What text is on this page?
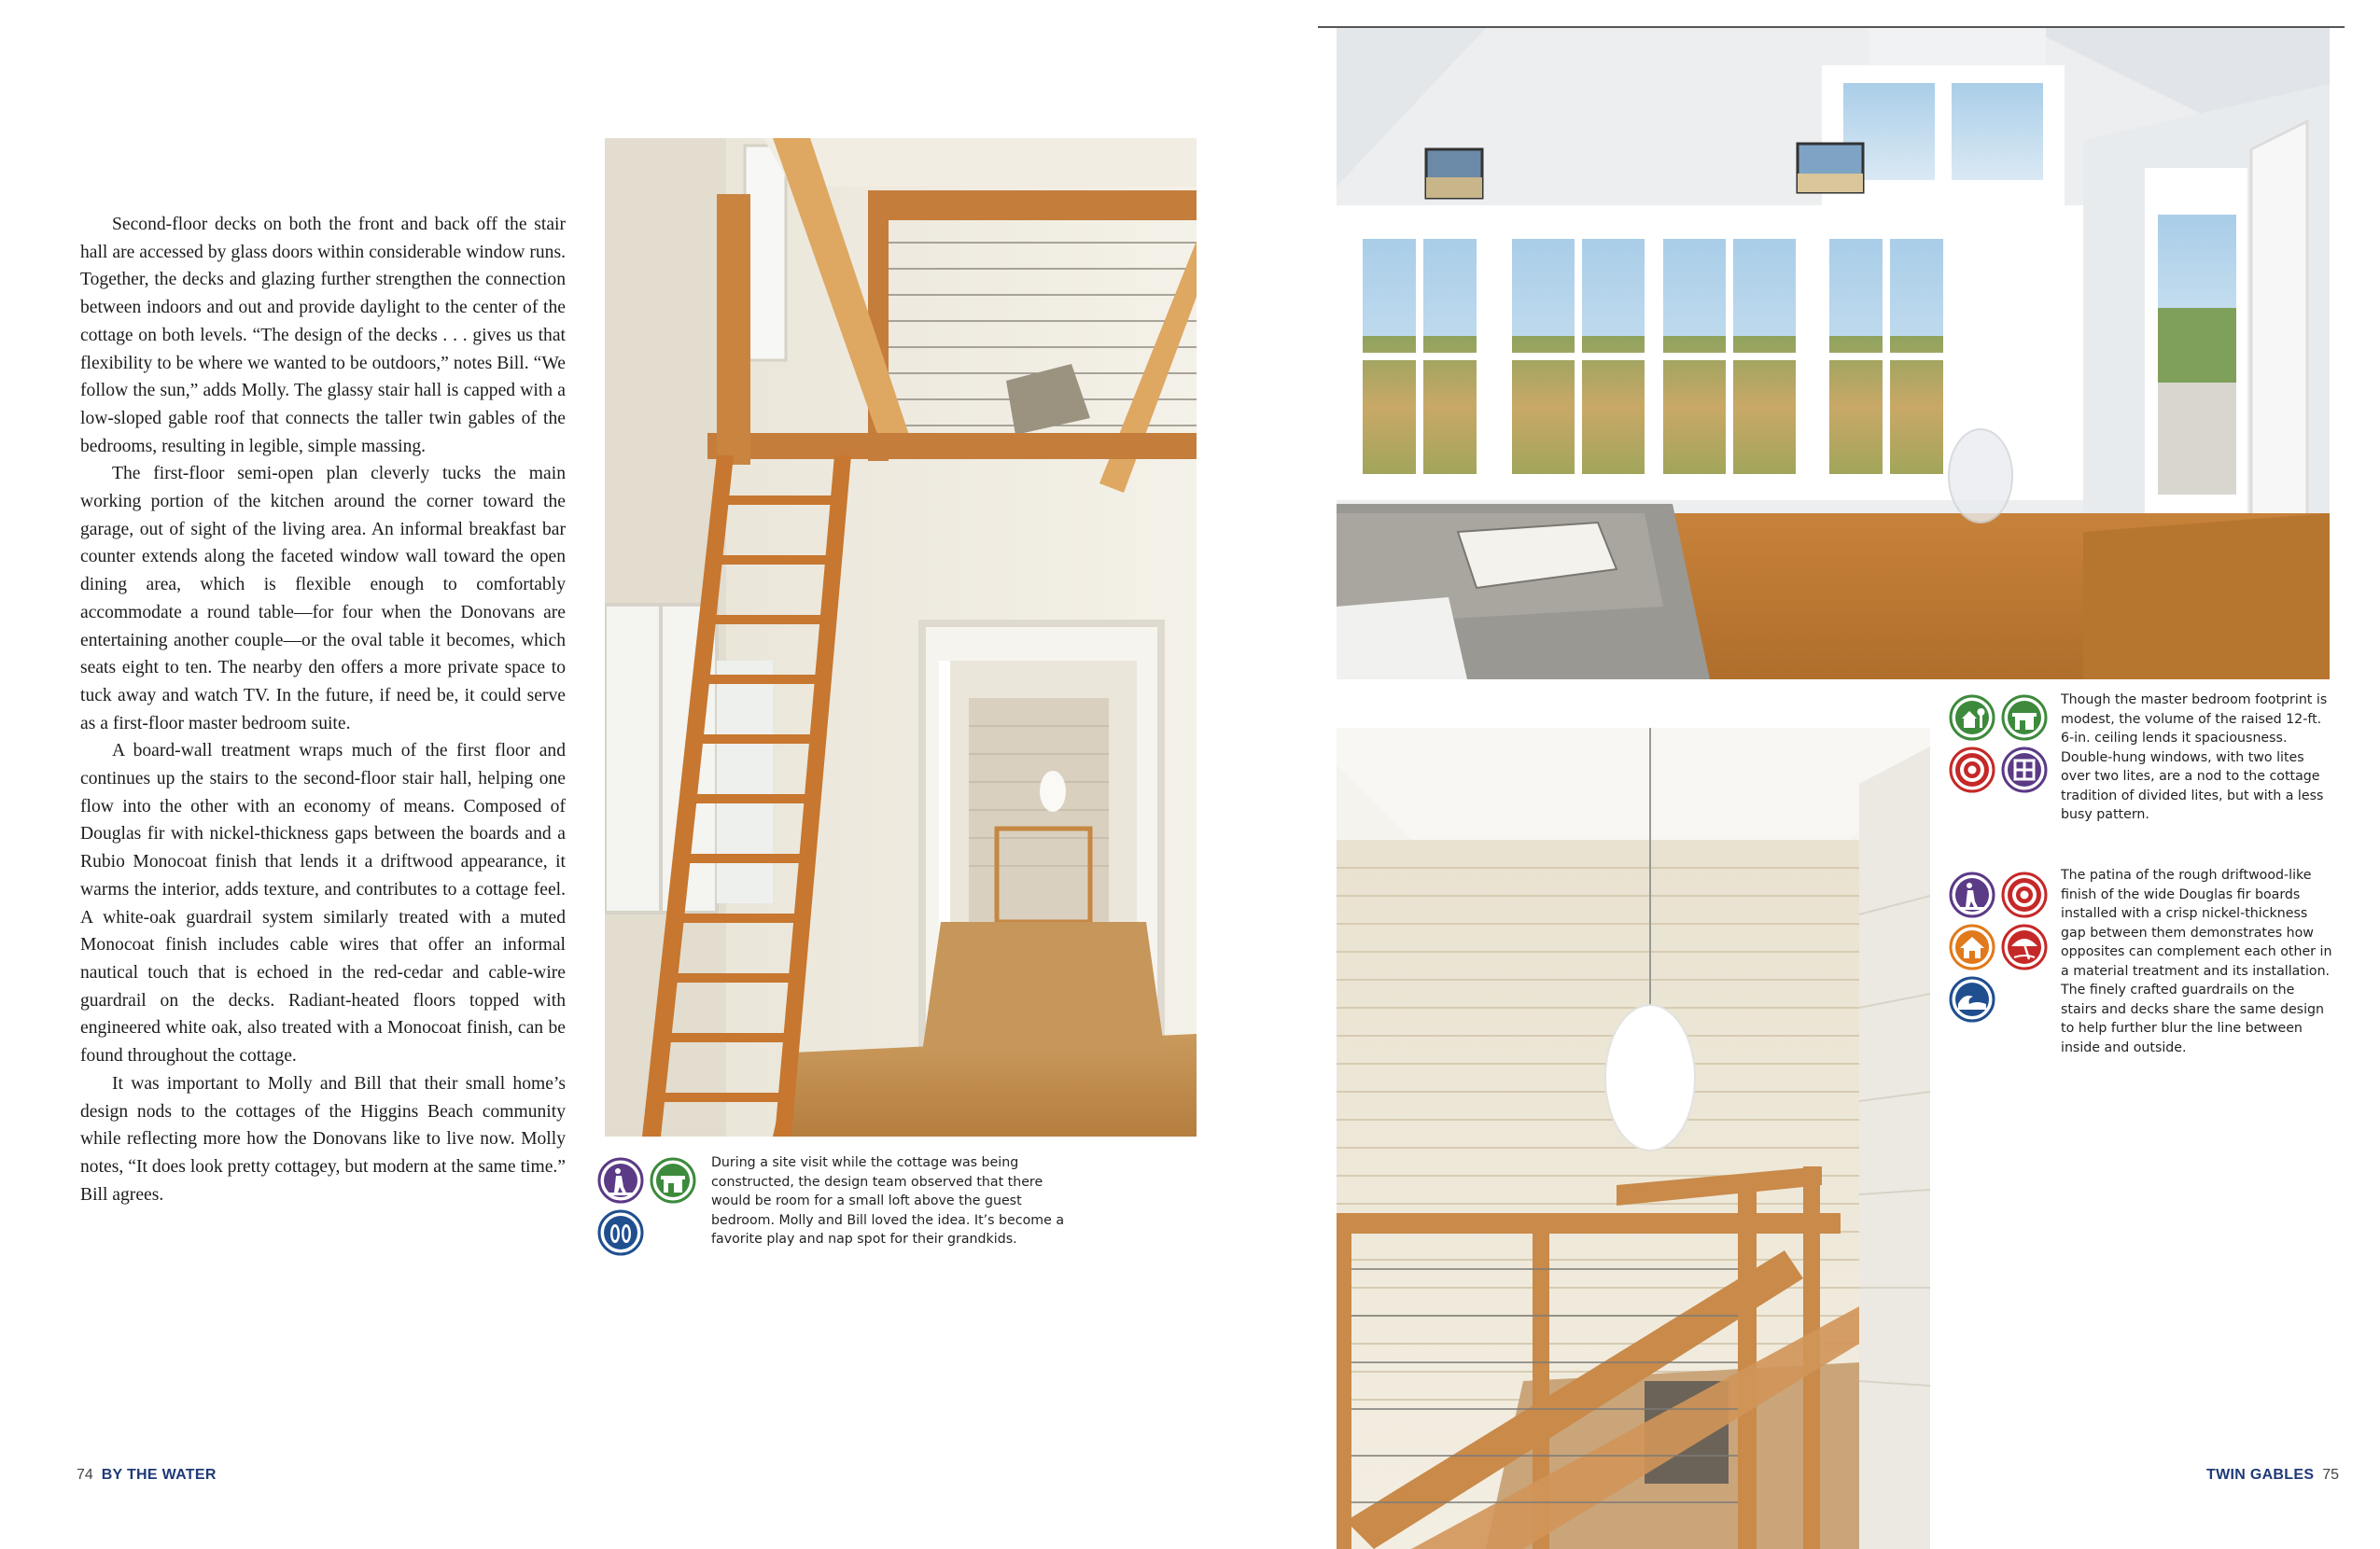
Second-floor decks on both the front and back off the stair hall are accessed by glass doors within considerable window runs. Together, the decks and glazing further strengthen the connection between indoors and out and provide daylight to the center of the cottage on both levels. “The design of the decks . . . gives us that flexibility to be where we wanted to be outdoors,” notes Bill. “We follow the sun,” adds Molly. The glassy stair hall is capped with a low-sloped gable roof that connects the taller twin gables of the bedrooms, resulting in legible, simple massing.

The first-floor semi-open plan cleverly tucks the main working portion of the kitchen around the corner toward the garage, out of sight of the living area. An informal breakfast bar counter extends along the faceted window wall toward the open dining area, which is flexible enough to comfortably accommodate a round table—for four when the Donovans are entertaining another couple—or the oval table it becomes, which seats eight to ten. The nearby den offers a more private space to tuck away and watch TV. In the future, if need be, it could serve as a first-floor master bedroom suite.

A board-wall treatment wraps much of the first floor and continues up the stairs to the second-floor stair hall, helping one flow into the other with an economy of means. Composed of Douglas fir with nickel-thickness gaps between the boards and a Rubio Monocoat finish that lends it a driftwood appearance, it warms the interior, adds texture, and contributes to a cottage feel. A white-oak guardrail system similarly treated with a muted Monocoat finish includes cable wires that offer an informal nautical touch that is echoed in the red-cedar and cable-wire guardrail on the decks. Radiant-heated floors topped with engineered white oak, also treated with a Monocoat finish, can be found throughout the cottage.

It was important to Molly and Bill that their small home’s design nods to the cottages of the Higgins Beach community while reflecting more how the Donovans like to live now. Molly notes, “It does look pretty cottagey, but modern at the same time.” Bill agrees.

During a site visit while the cottage was being constructed, the design team observed that there would be room for a small loft above the guest bedroom. Molly and Bill loved the idea. It’s become a favorite play and nap spot for their grandkids.
74 BY THE WATER
Though the master bedroom footprint is modest, the volume of the raised 12-ft. 6-in. ceiling lends it spaciousness. Double-hung windows, with two lites over two lites, are a nod to the cottage tradition of divided lites, but with a less busy pattern.
The patina of the rough driftwood-like finish of the wide Douglas fir boards installed with a crisp nickel-thickness gap between them demonstrates how opposites can complement each other in a material treatment and its installation. The finely crafted guardrails on the stairs and decks share the same design to help further blur the line between inside and outside.
TWIN GABLES 75
